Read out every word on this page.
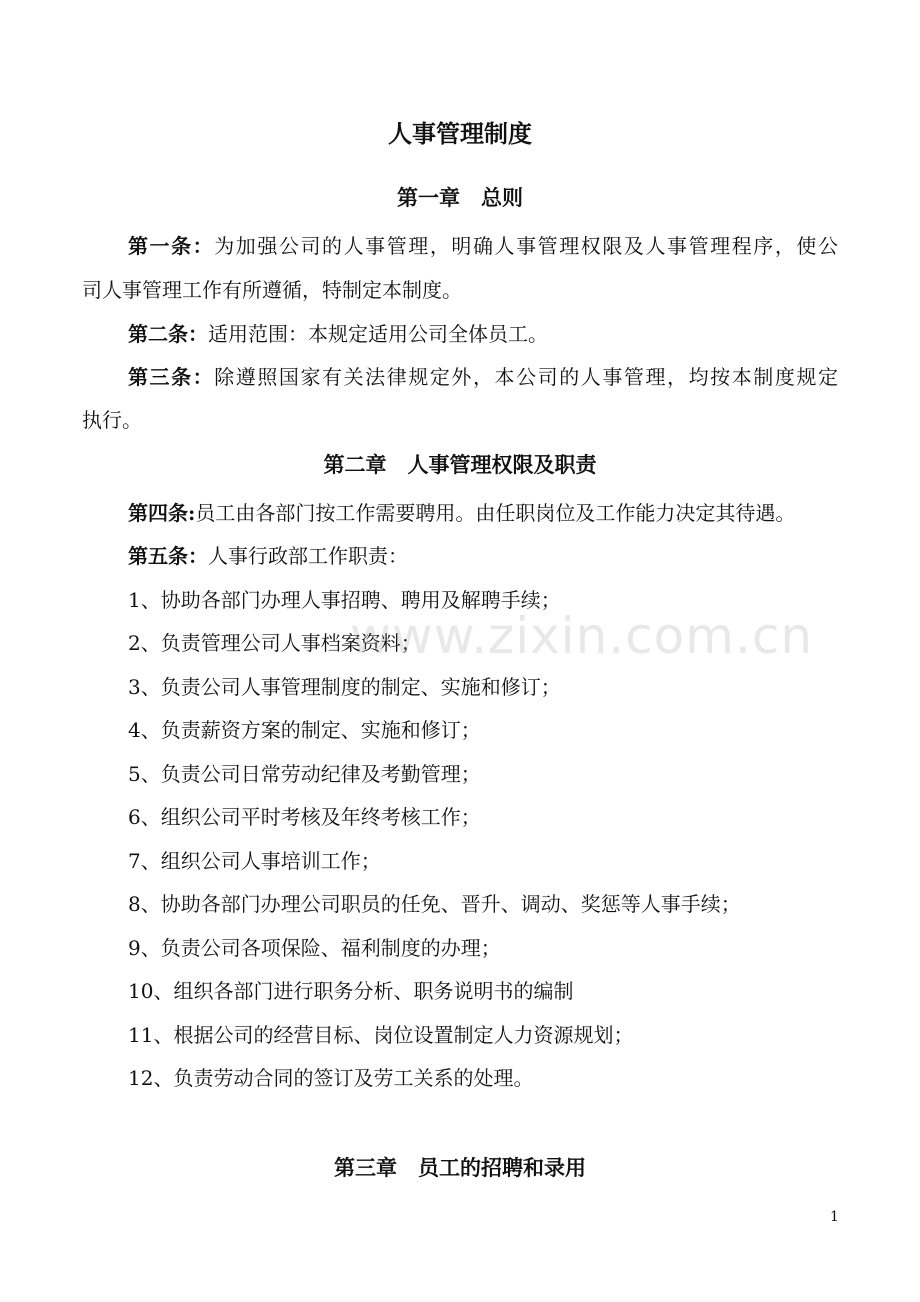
人事管理制度
第一章　总则
第一条：为加强公司的人事管理，明确人事管理权限及人事管理程序，使公
司人事管理工作有所遵循，特制定本制度。
第二条：适用范围：本规定适用公司全体员工。
第三条：除遵照国家有关法律规定外，本公司的人事管理，均按本制度规定
执行。
第二章　人事管理权限及职责
第四条:员工由各部门按工作需要聘用。由任职岗位及工作能力决定其待遇。
第五条：人事行政部工作职责：
1、协助各部门办理人事招聘、聘用及解聘手续；
2、负责管理公司人事档案资料；
3、负责公司人事管理制度的制定、实施和修订；
4、负责薪资方案的制定、实施和修订；
5、负责公司日常劳动纪律及考勤管理；
6、组织公司平时考核及年终考核工作；
7、组织公司人事培训工作；
8、协助各部门办理公司职员的任免、晋升、调动、奖惩等人事手续；
9、负责公司各项保险、福利制度的办理；
10、组织各部门进行职务分析、职务说明书的编制
11、根据公司的经营目标、岗位设置制定人力资源规划；
12、负责劳动合同的签订及劳工关系的处理。
第三章　员工的招聘和录用
1
www.zixin.com.cn
